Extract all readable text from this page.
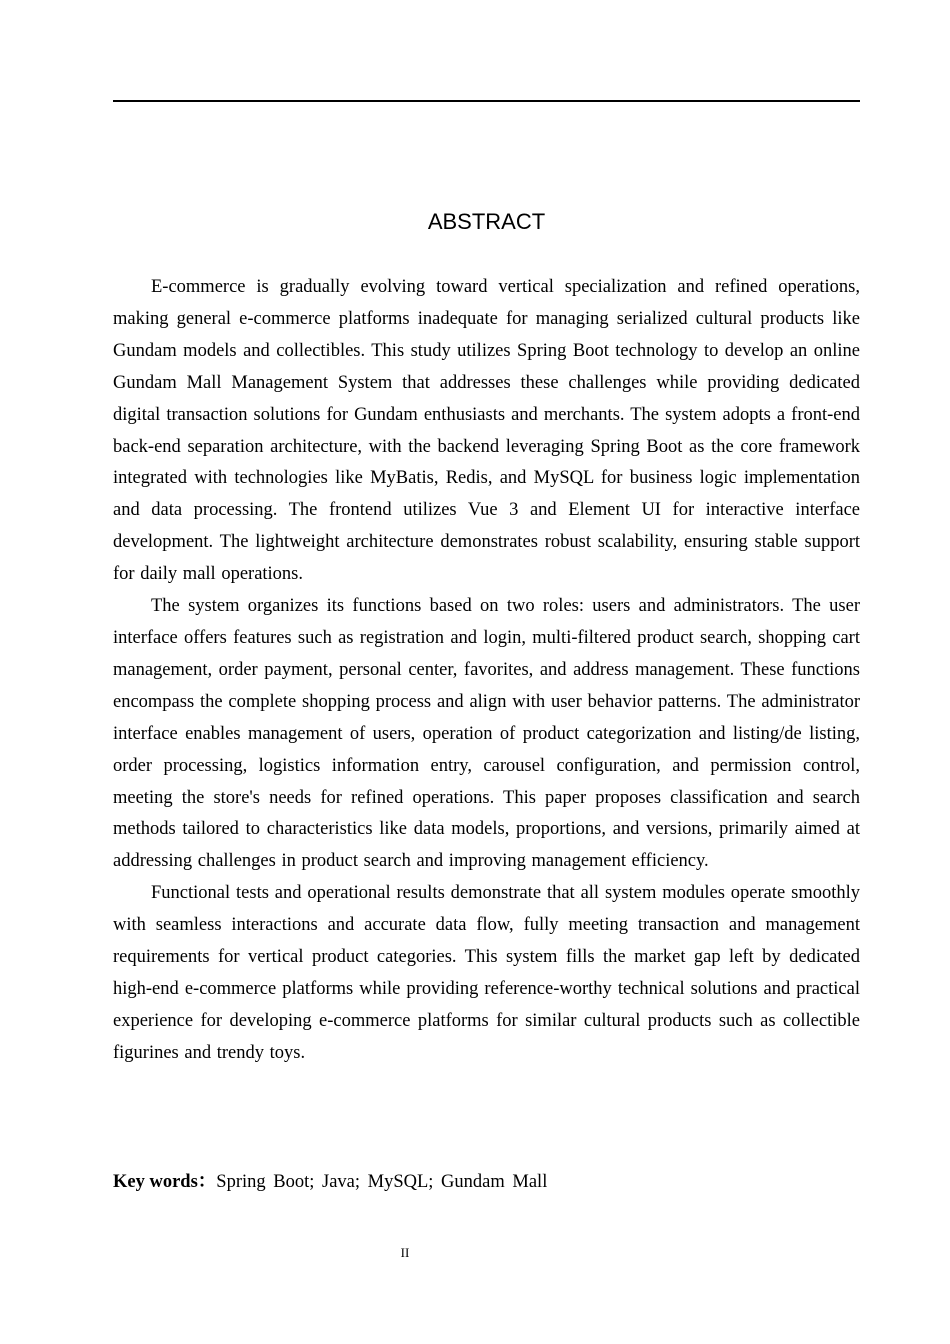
ABSTRACT

E-commerce is gradually evolving toward vertical specialization and refined operations, making general e-commerce platforms inadequate for managing serialized cultural products like Gundam models and collectibles. This study utilizes Spring Boot technology to develop an online Gundam Mall Management System that addresses these challenges while providing dedicated digital transaction solutions for Gundam enthusiasts and merchants. The system adopts a front-end back-end separation architecture, with the backend leveraging Spring Boot as the core framework integrated with technologies like MyBatis, Redis, and MySQL for business logic implementation and data processing. The frontend utilizes Vue 3 and Element UI for interactive interface development. The lightweight architecture demonstrates robust scalability, ensuring stable support for daily mall operations.

The system organizes its functions based on two roles: users and administrators. The user interface offers features such as registration and login, multi-filtered product search, shopping cart management, order payment, personal center, favorites, and address management. These functions encompass the complete shopping process and align with user behavior patterns. The administrator interface enables management of users, operation of product categorization and listing/de listing, order processing, logistics information entry, carousel configuration, and permission control, meeting the store's needs for refined operations. This paper proposes classification and search methods tailored to characteristics like data models, proportions, and versions, primarily aimed at addressing challenges in product search and improving management efficiency.

Functional tests and operational results demonstrate that all system modules operate smoothly with seamless interactions and accurate data flow, fully meeting transaction and management requirements for vertical product categories. This system fills the market gap left by dedicated high-end e-commerce platforms while providing reference-worthy technical solutions and practical experience for developing e-commerce platforms for similar cultural products such as collectible figurines and trendy toys.

Key words：Spring Boot; Java; MySQL; Gundam Mall
II
